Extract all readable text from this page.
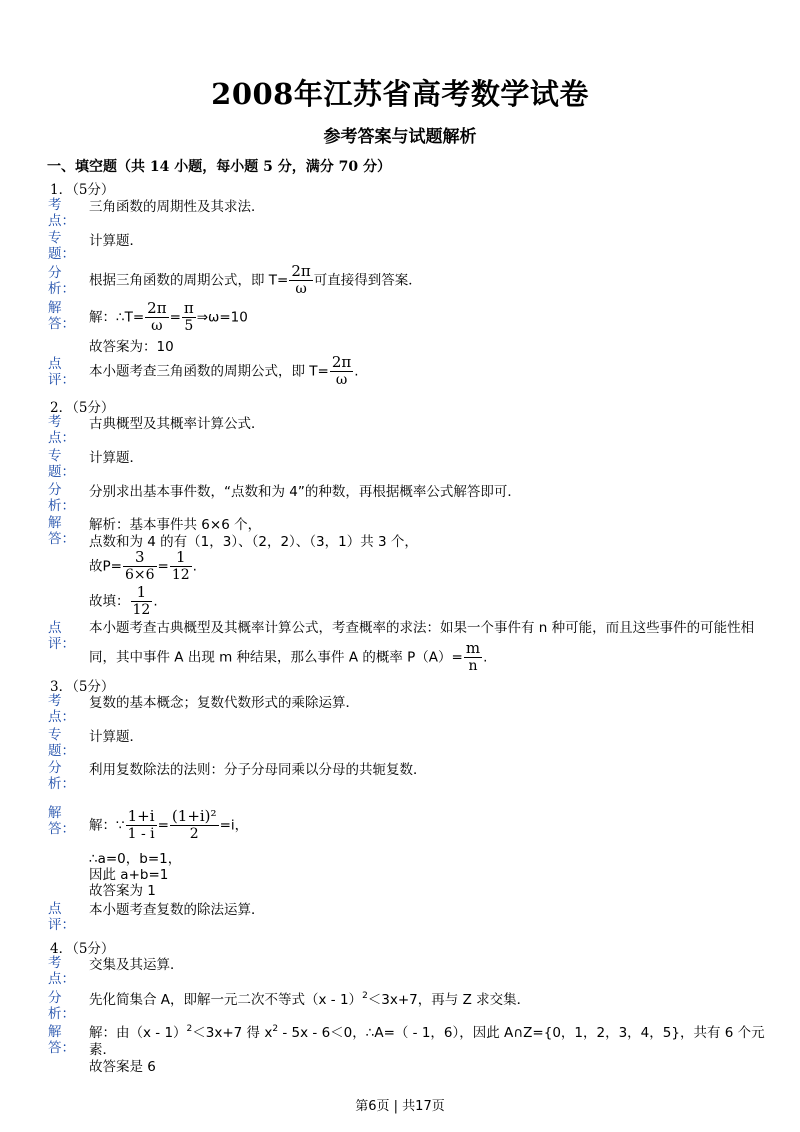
2008年江苏省高考数学试卷
参考答案与试题解析
一、填空题（共 14 小题，每小题 5 分，满分 70 分）
1．（5分）
考点：
三角函数的周期性及其求法．
专题：
计算题．
分析：
根据三角函数的周期公式，即 $T= \frac{2\pi}{\omega}$ 可直接得到答案．
解答： 解：∴T= $\frac{2\pi}{\omega} = \frac{\pi}{5}$ ⇒ω=10
故答案为：10
点评：
本小题考查三角函数的周期公式，即 $T= \frac{2\pi}{\omega}$ .
2．（5分）
考点：
古典概型及其概率计算公式．
专题：
计算题．
分析：
分别求出基本事件数，“点数和为 4”的种数，再根据概率公式解答即可．
解答：
解析：基本事件共 6×6 个，
点数和为 4 的有（1，3）、（2，2）、（3，1）共 3 个，
故$P= \frac{3}{6\times 6} = \frac{1}{12}$ .
故填： $\frac{1}{12}$ .
点评：
本小题考查古典概型及其概率计算公式，考查概率的求法：如果一个事件有 n 种可能，而且这些事件的可能性相同，其中事件 A 出现 m 种结果，那么事件 A 的概率 $P(A)= \frac{m}{n}$ .
3．（5分）
考点：
复数的基本概念；复数代数形式的乘除运算．
专题：
计算题．
分析：
利用复数除法的法则：分子分母同乘以分母的共轭复数．
解答： 解：∵ $\frac{1+i}{1 - i} = \frac{\text{(1+i)²}}{2} =i$，
∴a=0，b=1，
因此 a+b=1
故答案为 1
点评：
本小题考查复数的除法运算．
4．（5分）
考点：
交集及其运算．
分析：
先化简集合 A，即解一元二次不等式（x - 1）$^2$＜3x+7，再与 Z 求交集．
解答：
解：由（x - 1）$^2$＜3x+7 得 $x^2 - 5x - 6<0$，∴A=（ - 1，6），因此 A∩Z={0，1，2，3，4，5}，共有 6 个元
素．
故答案是 6
第6页 | 共17页
